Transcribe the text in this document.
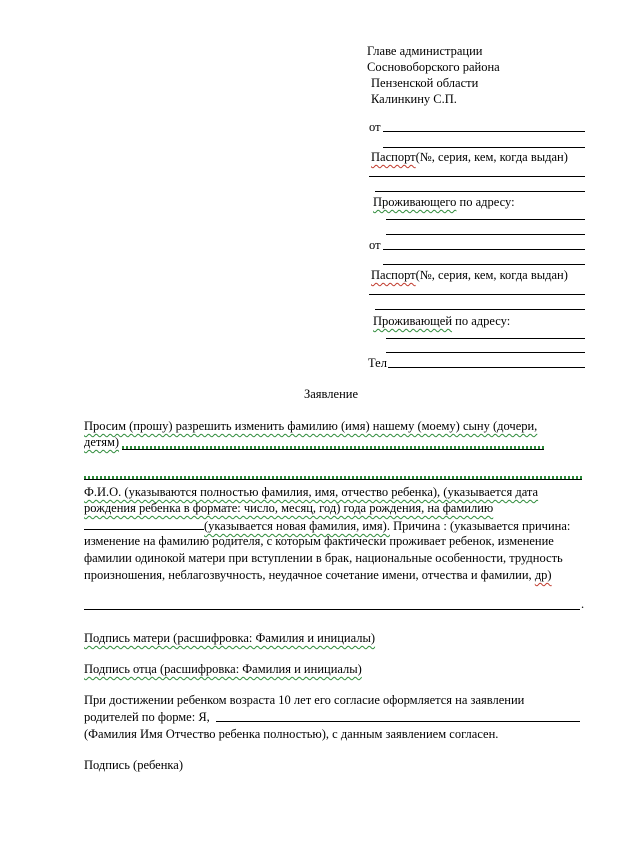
Главе администрации
Сосновоборского района
Пензенской области
Калинкину С.П.
от
Паспорт(№, серия, кем, когда выдан)
Проживающего по адресу:
от
Паспорт(№, серия, кем, когда выдан)
Проживающей по адресу:
Тел
Заявление
Просим (прошу) разрешить изменить фамилию (имя) нашему (моему) сыну (дочери,
детям)
Ф.И.О. (указываются полностью фамилия, имя, отчество ребенка), (указывается дата
рождения ребенка в формате: число, месяц, год) года рождения, на фамилию
(указывается новая фамилия, имя). Причина : (указывается причина:
изменение на фамилию родителя, с которым фактически проживает ребенок, изменение
фамилии одинокой матери при вступлении в брак, национальные особенности, трудность
произношения, неблагозвучность, неудачное сочетание имени, отчества и фамилии, др)
.
Подпись матери (расшифровка: Фамилия и инициалы)
Подпись отца (расшифровка: Фамилия и инициалы)
При достижении ребенком возраста 10 лет его согласие оформляется на заявлении
родителей по форме: Я,
(Фамилия Имя Отчество ребенка полностью), с данным заявлением согласен.
Подпись (ребенка)
